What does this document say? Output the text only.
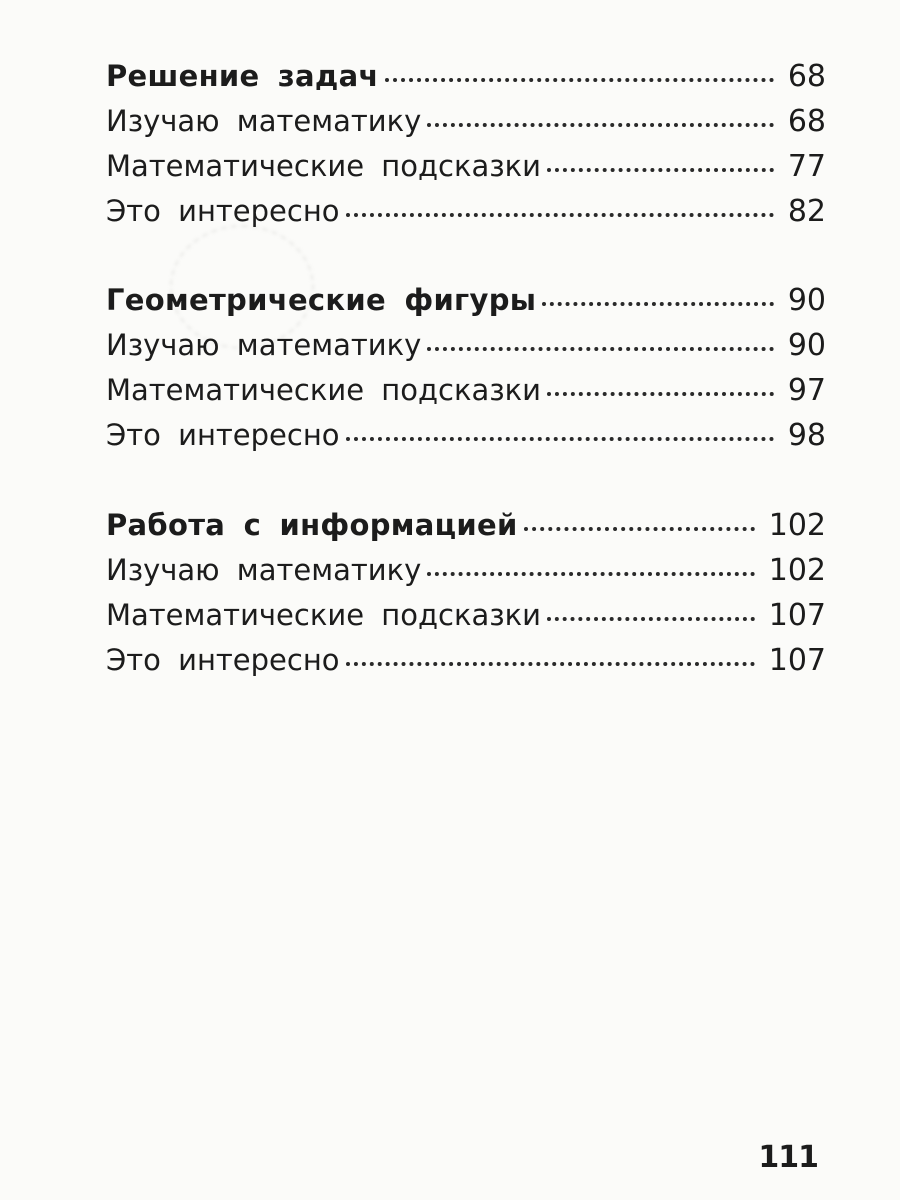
Решение задач	68
Изучаю математику	68
Математические подсказки	77
Это интересно	82
Геометрические фигуры	90
Изучаю математику	90
Математические подсказки	97
Это интересно	98
Работа с информацией	102
Изучаю математику	102
Математические подсказки	107
Это интересно	107
111
